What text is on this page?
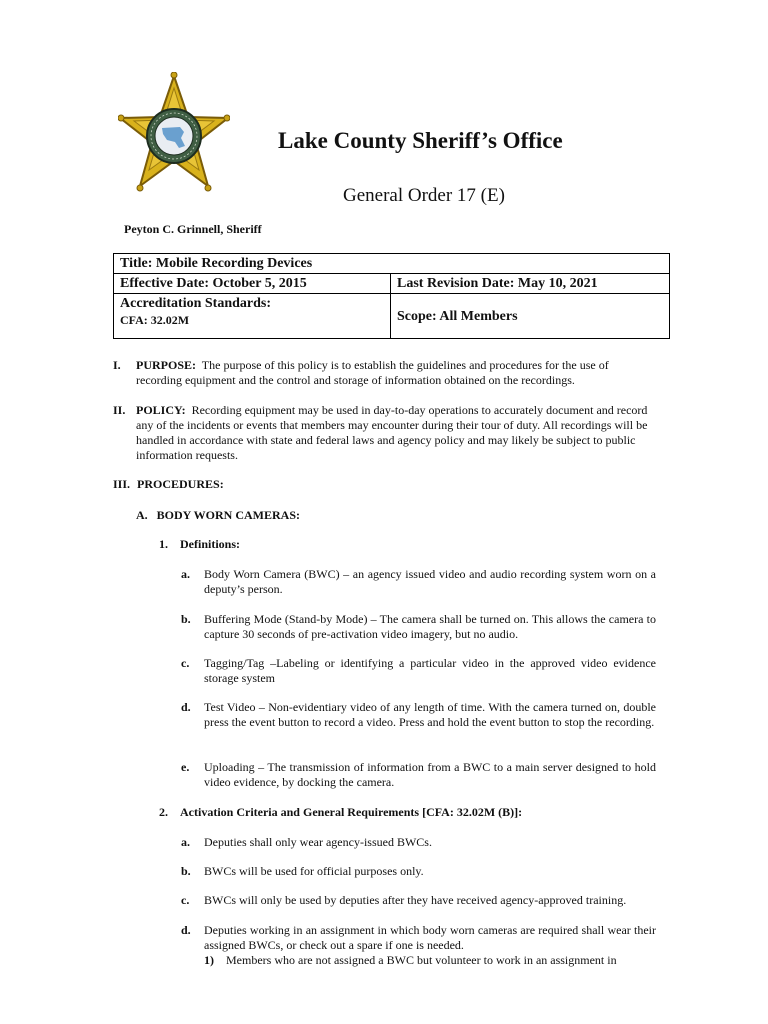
Lake County Sheriff’s Office
General Order 17 (E)
Peyton C. Grinnell, Sheriff
Title: Mobile Recording Devices	
Effective Date: October 5, 2015	Last Revision Date: May 10, 2021

Accreditation Standards:
CFA: 32.02M	Scope: All Members
I. PURPOSE: The purpose of this policy is to establish the guidelines and procedures for the use of recording equipment and the control and storage of information obtained on the recordings.
II. POLICY: Recording equipment may be used in day-to-day operations to accurately document and record any of the incidents or events that members may encounter during their tour of duty. All recordings will be handled in accordance with state and federal laws and agency policy and may likely be subject to public information requests.
III. PROCEDURES:
A. BODY WORN CAMERAS:
1. Definitions:
a. Body Worn Camera (BWC) – an agency issued video and audio recording system worn on a deputy’s person.
b. Buffering Mode (Stand-by Mode) – The camera shall be turned on. This allows the camera to capture 30 seconds of pre-activation video imagery, but no audio.
c. Tagging/Tag –Labeling or identifying a particular video in the approved video evidence storage system
d. Test Video – Non-evidentiary video of any length of time. With the camera turned on, double press the event button to record a video. Press and hold the event button to stop the recording.
e. Uploading – The transmission of information from a BWC to a main server designed to hold video evidence, by docking the camera.
2. Activation Criteria and General Requirements [CFA: 32.02M (B)]:
a. Deputies shall only wear agency-issued BWCs.
b. BWCs will be used for official purposes only.
c. BWCs will only be used by deputies after they have received agency-approved training.
d. Deputies working in an assignment in which body worn cameras are required shall wear their assigned BWCs, or check out a spare if one is needed.
1) Members who are not assigned a BWC but volunteer to work in an assignment in
